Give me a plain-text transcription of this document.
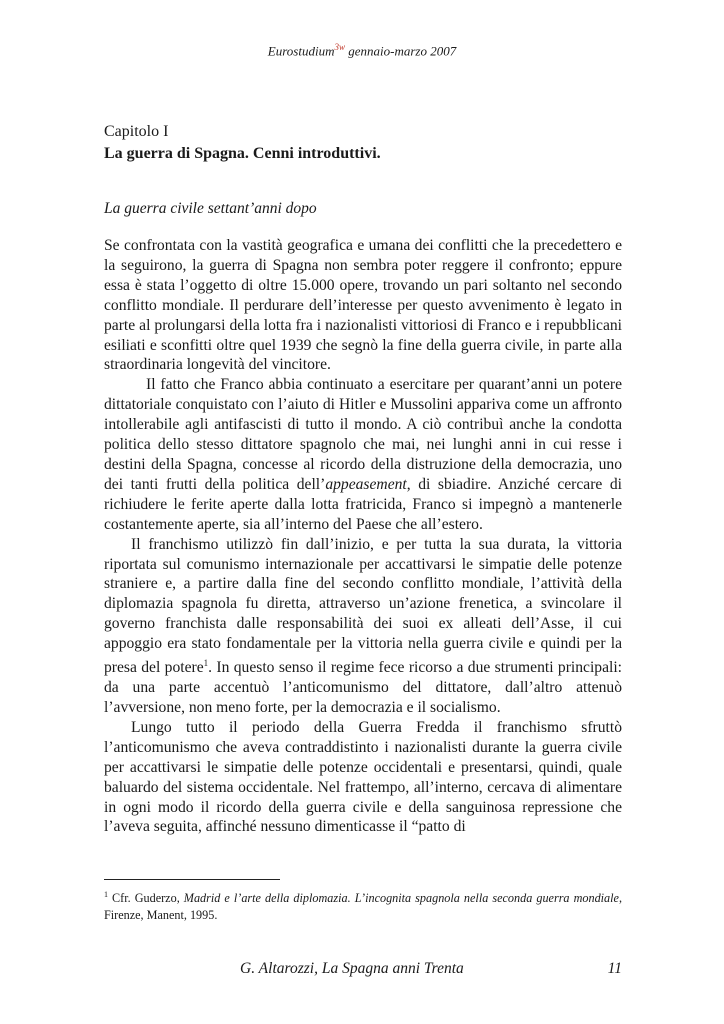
Eurostudium$^{3w}$ gennaio-marzo 2007
Capitolo I
La guerra di Spagna. Cenni introduttivi.
La guerra civile settant’anni dopo

Se confrontata con la vastità geografica e umana dei conflitti che la precedettero e la seguirono, la guerra di Spagna non sembra poter reggere il confronto; eppure essa è stata l’oggetto di oltre 15.000 opere, trovando un pari soltanto nel secondo conflitto mondiale. Il perdurare dell’interesse per questo avvenimento è legato in parte al prolungarsi della lotta fra i nazionalisti vittoriosi di Franco e i repubblicani esiliati e sconfitti oltre quel 1939 che segnò la fine della guerra civile, in parte alla straordinaria longevità del vincitore.

Il fatto che Franco abbia continuato a esercitare per quarant’anni un potere dittatoriale conquistato con l’aiuto di Hitler e Mussolini appariva come un affronto intollerabile agli antifascisti di tutto il mondo. A ciò contribuì anche la condotta politica dello stesso dittatore spagnolo che mai, nei lunghi anni in cui resse i destini della Spagna, concesse al ricordo della distruzione della democrazia, uno dei tanti frutti della politica dell’appeasement, di sbiadire. Anziché cercare di richiudere le ferite aperte dalla lotta fratricida, Franco si impegnò a mantenerle costantemente aperte, sia all’interno del Paese che all’estero.

Il franchismo utilizzò fin dall’inizio, e per tutta la sua durata, la vittoria riportata sul comunismo internazionale per accattivarsi le simpatie delle potenze straniere e, a partire dalla fine del secondo conflitto mondiale, l’attività della diplomazia spagnola fu diretta, attraverso un’azione frenetica, a svincolare il governo franchista dalle responsabilità dei suoi ex alleati dell’Asse, il cui appoggio era stato fondamentale per la vittoria nella guerra civile e quindi per la presa del potere$^1$. In questo senso il regime fece ricorso a due strumenti principali: da una parte accentuò l’anticomunismo del dittatore, dall’altro attenuò l’avversione, non meno forte, per la democrazia e il socialismo.

Lungo tutto il periodo della Guerra Fredda il franchismo sfruttò l’anticomunismo che aveva contraddistinto i nazionalisti durante la guerra civile per accattivarsi le simpatie delle potenze occidentali e presentarsi, quindi, quale baluardo del sistema occidentale. Nel frattempo, all’interno, cercava di alimentare in ogni modo il ricordo della guerra civile e della sanguinosa repressione che l’aveva seguita, affinché nessuno dimenticasse il “patto di

$^1$ Cfr. Guderzo, Madrid e l’arte della diplomazia. L’incognita spagnola nella seconda guerra mondiale, Firenze, Manent, 1995.
G. Altarozzi, La Spagna anni Trenta	11
